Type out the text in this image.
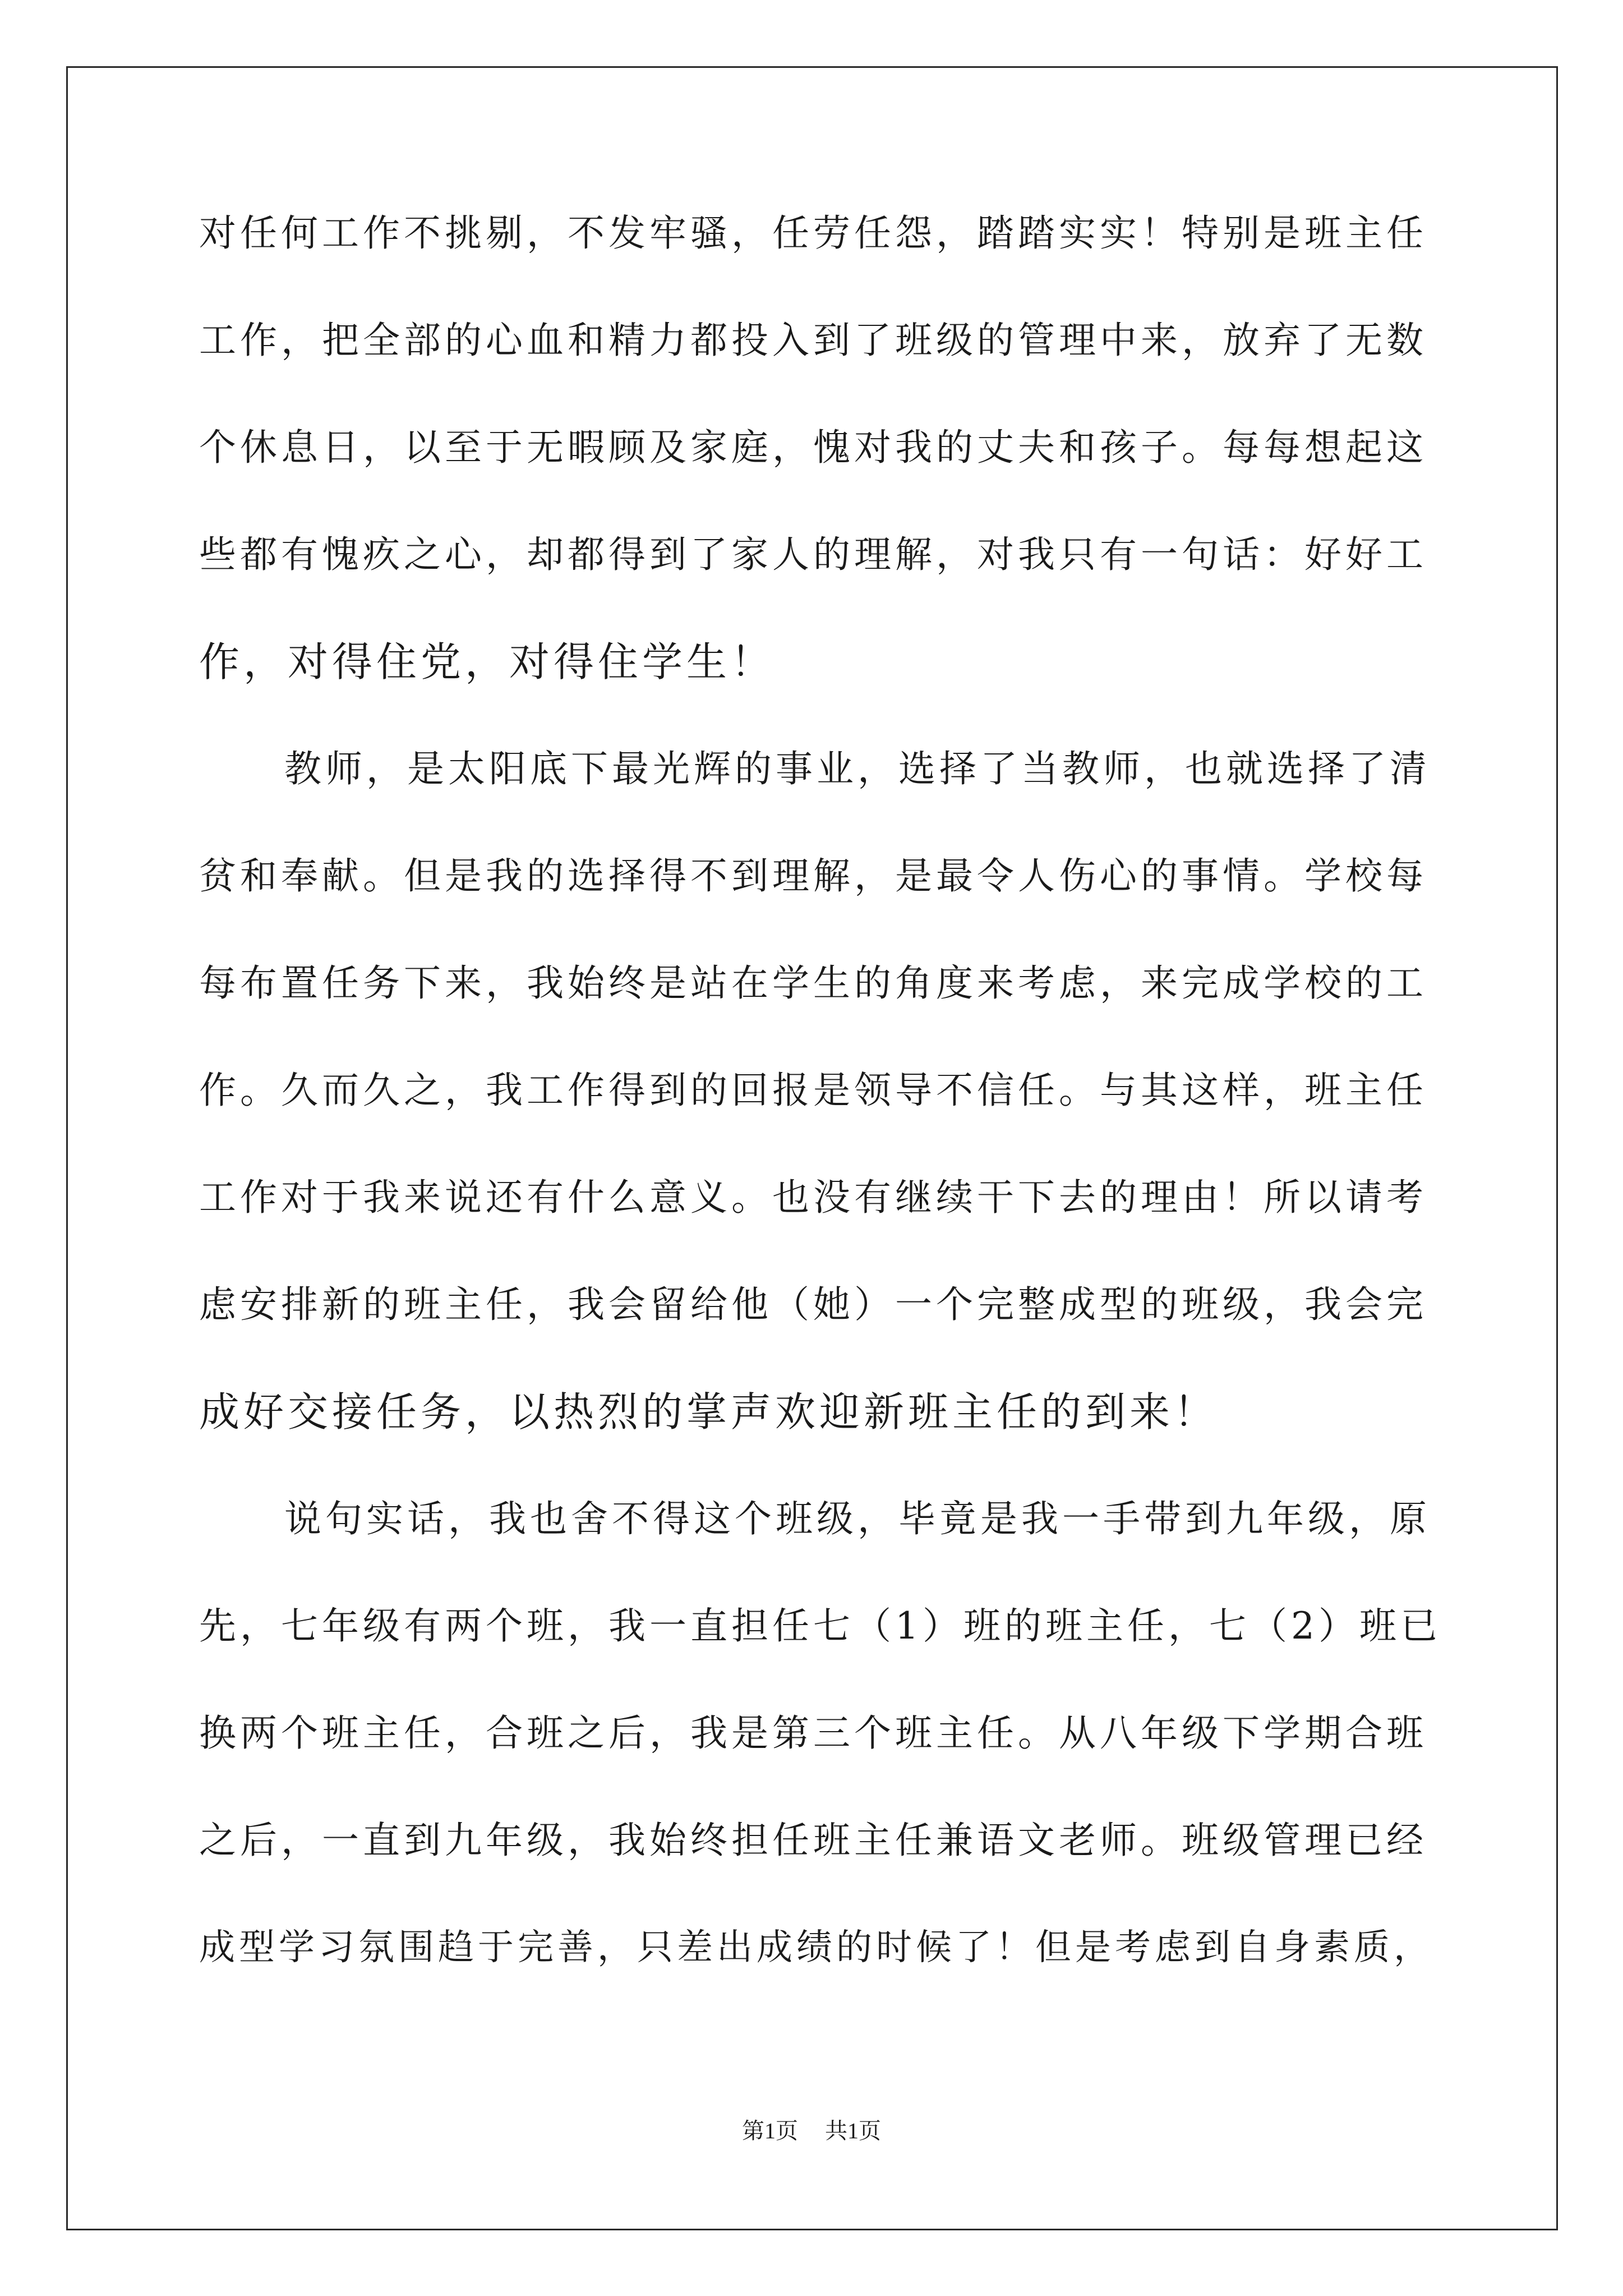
对任何工作不挑剔，不发牢骚，任劳任怨，踏踏实实！特别是班主任
工作，把全部的心血和精力都投入到了班级的管理中来，放弃了无数
个休息日，以至于无暇顾及家庭，愧对我的丈夫和孩子。每每想起这
些都有愧疚之心，却都得到了家人的理解，对我只有一句话：好好工
作，对得住党，对得住学生！
教师，是太阳底下最光辉的事业，选择了当教师，也就选择了清
贫和奉献。但是我的选择得不到理解，是最令人伤心的事情。学校每
每布置任务下来，我始终是站在学生的角度来考虑，来完成学校的工
作。久而久之，我工作得到的回报是领导不信任。与其这样，班主任
工作对于我来说还有什么意义。也没有继续干下去的理由！所以请考
虑安排新的班主任，我会留给他（她）一个完整成型的班级，我会完
成好交接任务，以热烈的掌声欢迎新班主任的到来！
说句实话，我也舍不得这个班级，毕竟是我一手带到九年级，原
先，七年级有两个班，我一直担任七（1）班的班主任，七（2）班已
换两个班主任，合班之后，我是第三个班主任。从八年级下学期合班
之后，一直到九年级，我始终担任班主任兼语文老师。班级管理已经
成型学习氛围趋于完善，只差出成绩的时候了！但是考虑到自身素质，
第1页 共1页
